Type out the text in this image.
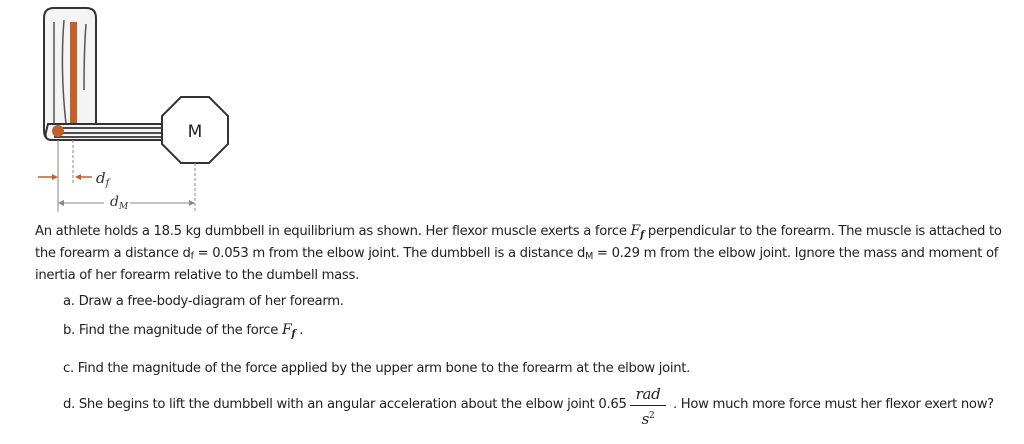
M
$d_f$
$d_M$
An athlete holds a 18.5 kg dumbbell in equilibrium as shown. Her flexor muscle exerts a force $F_f$ perpendicular to the forearm. The muscle is attached to the forearm a distance df = 0.053 m from the elbow joint. The dumbbell is a distance dM = 0.29 m from the elbow joint. Ignore the mass and moment of inertia of her forearm relative to the dumbell mass.
a. Draw a free-body-diagram of her forearm.
b. Find the magnitude of the force $F_f$ .
c. Find the magnitude of the force applied by the upper arm bone to the forearm at the elbow joint.
d. She begins to lift the dumbbell with an angular acceleration about the elbow joint 0.65
rad
$s^2$
. How much more force must her flexor exert now?
